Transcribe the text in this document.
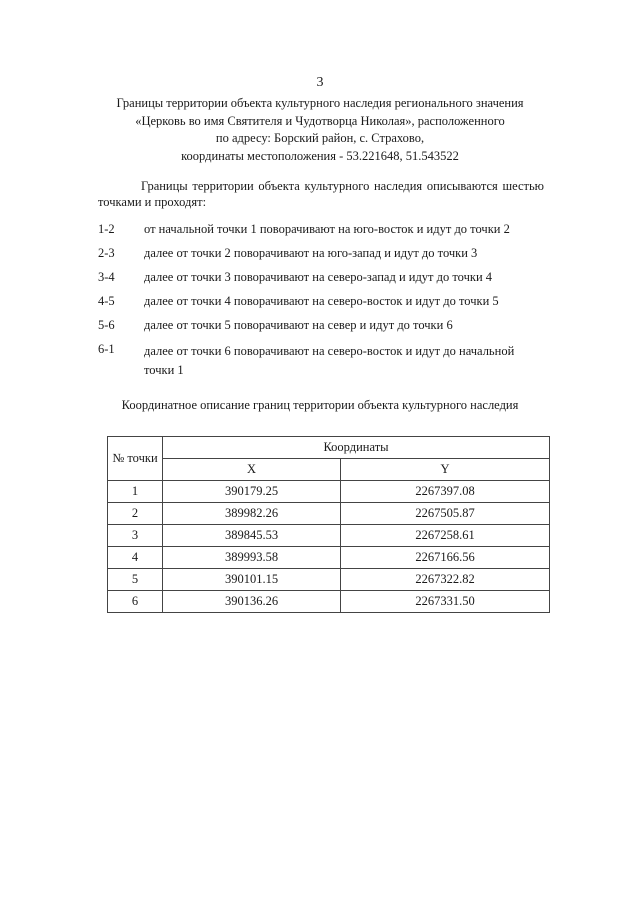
3
Границы территории объекта культурного наследия регионального значения
«Церковь во имя Святителя и Чудотворца Николая», расположенного
по адресу: Борский район, с. Страхово,
координаты местоположения - 53.221648, 51.543522
Границы территории объекта культурного наследия описываются шестью точками и проходят:
1-2 от начальной точки 1 поворачивают на юго-восток и идут до точки 2
2-3 далее от точки 2 поворачивают на юго-запад и идут до точки 3
3-4 далее от точки 3 поворачивают на северо-запад и идут до точки 4
4-5 далее от точки 4 поворачивают на северо-восток и идут до точки 5
5-6 далее от точки 5 поворачивают на север и идут до точки 6
6-1 далее от точки 6 поворачивают на северо-восток и идут до начальной точки 1
Координатное описание границ территории объекта культурного наследия
№ точки	Координаты	
	X	Y
1	390179.25	2267397.08
2	389982.26	2267505.87
3	389845.53	2267258.61
4	389993.58	2267166.56
5	390101.15	2267322.82
6	390136.26	2267331.50
